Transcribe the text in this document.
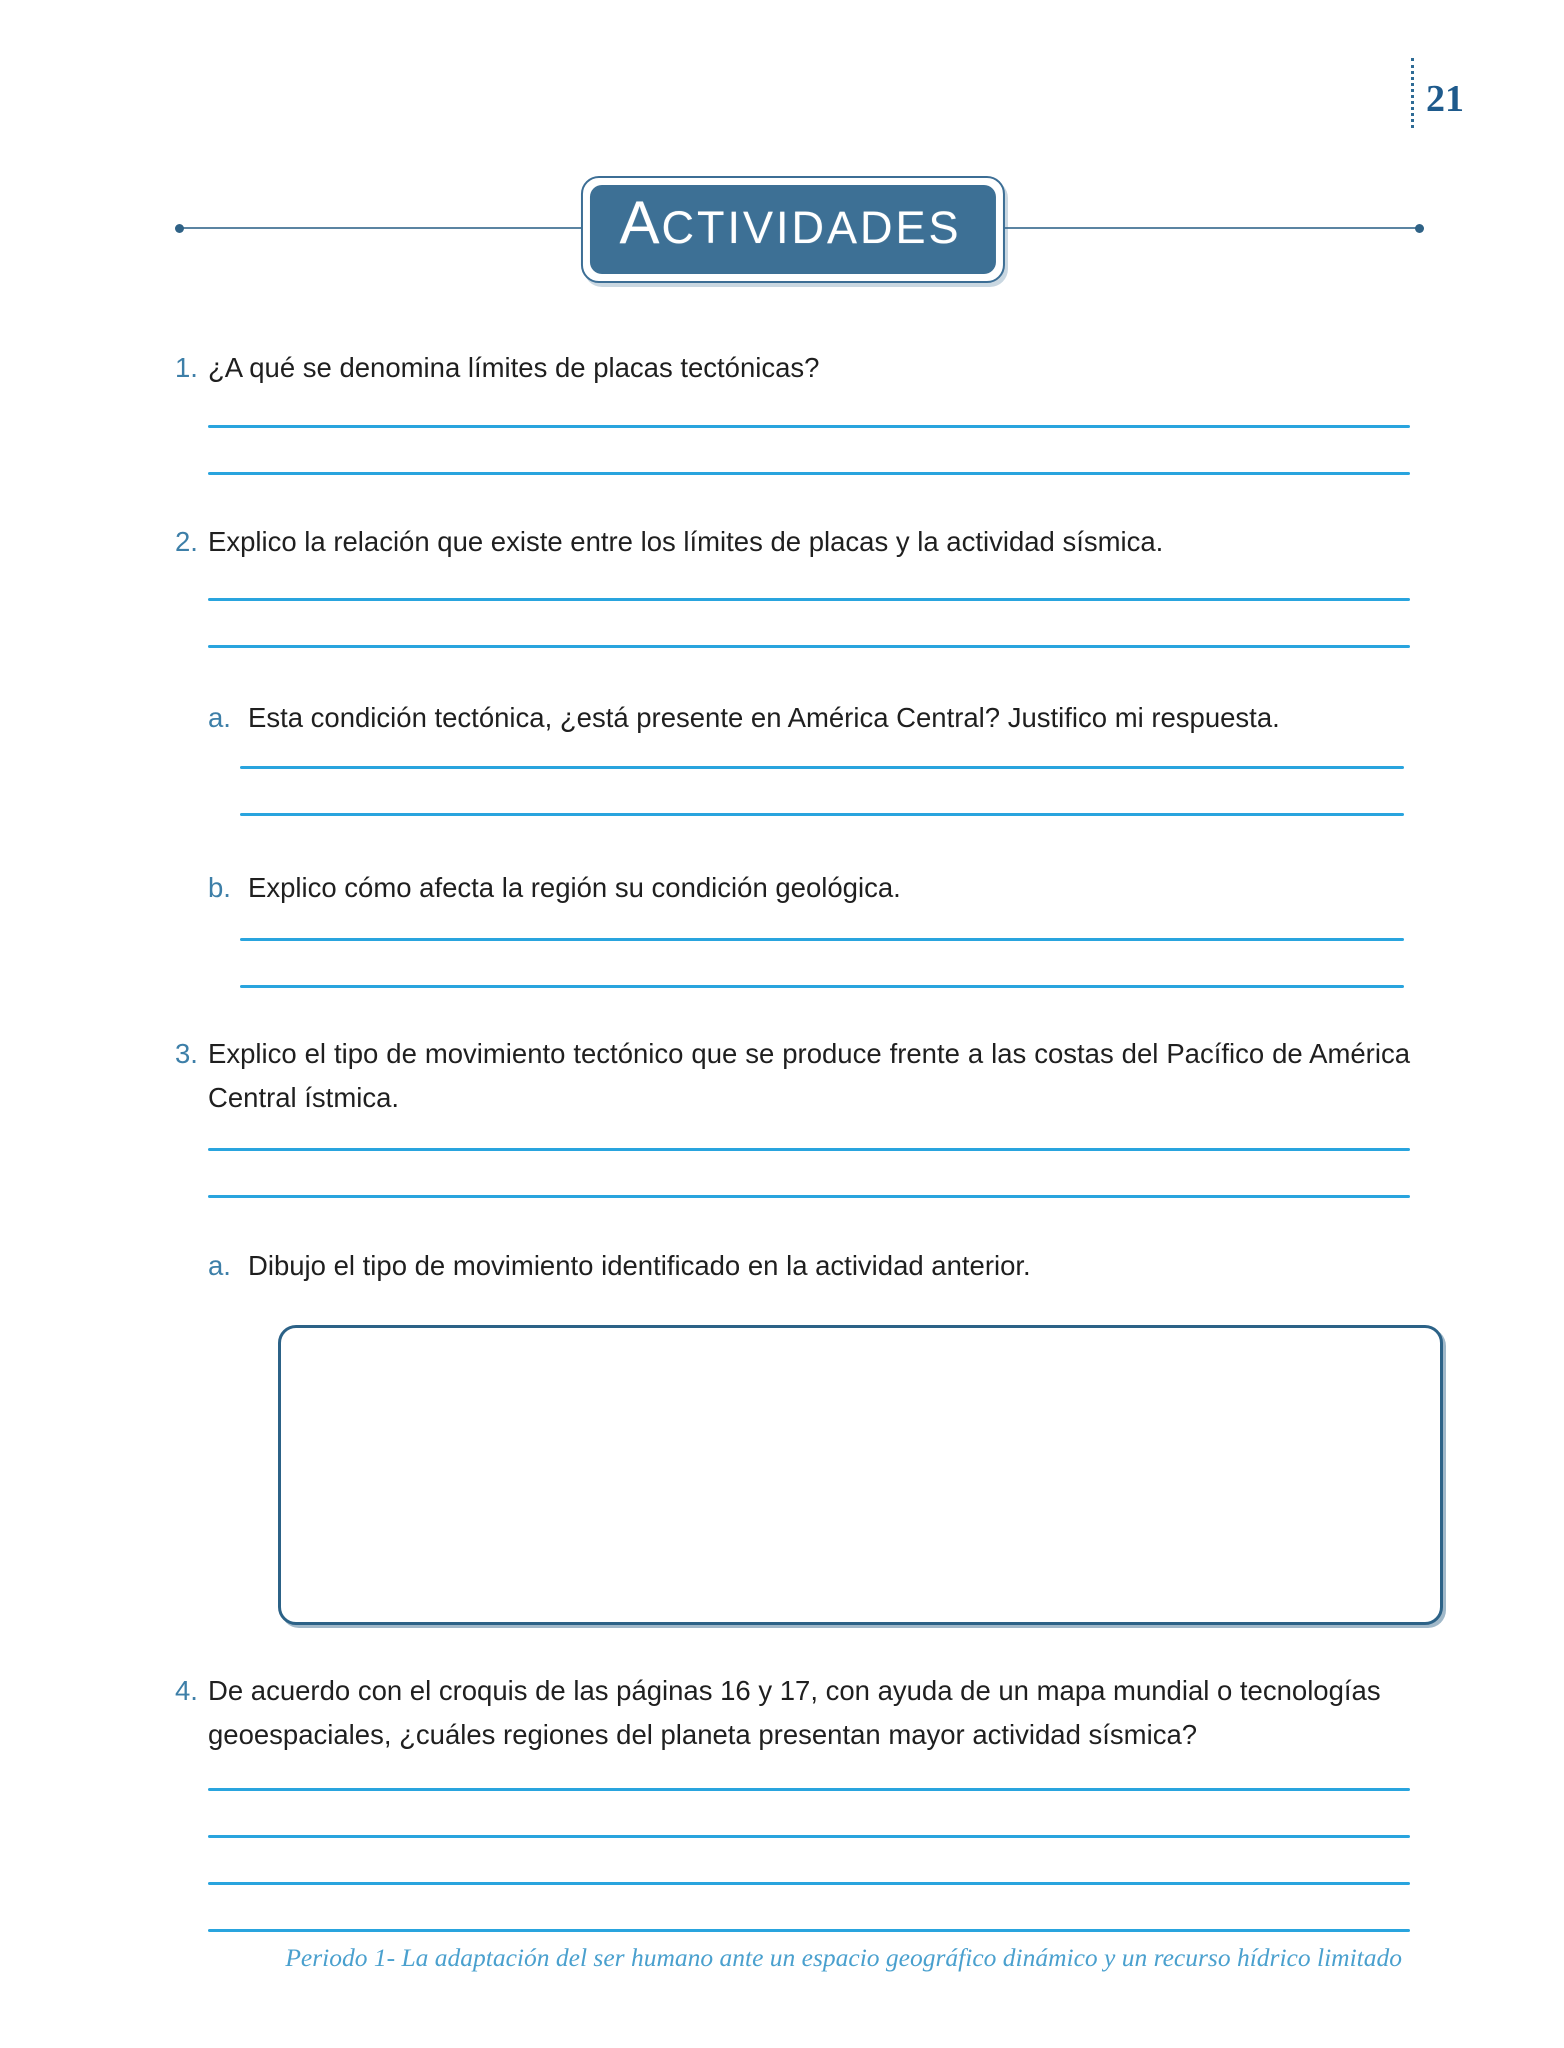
21
ACTIVIDADES
1. ¿A qué se denomina límites de placas tectónicas?
2. Explico la relación que existe entre los límites de placas y la actividad sísmica.
a. Esta condición tectónica, ¿está presente en América Central? Justifico mi respuesta.
b. Explico cómo afecta la región su condición geológica.
3. Explico el tipo de movimiento tectónico que se produce frente a las costas del Pacífico de América Central ístmica.
a. Dibujo el tipo de movimiento identificado en la actividad anterior.
4. De acuerdo con el croquis de las páginas 16 y 17, con ayuda de un mapa mundial o tecnologías geoespaciales, ¿cuáles regiones del planeta presentan mayor actividad sísmica?
Periodo 1- La adaptación del ser humano ante un espacio geográfico dinámico y un recurso hídrico limitado
